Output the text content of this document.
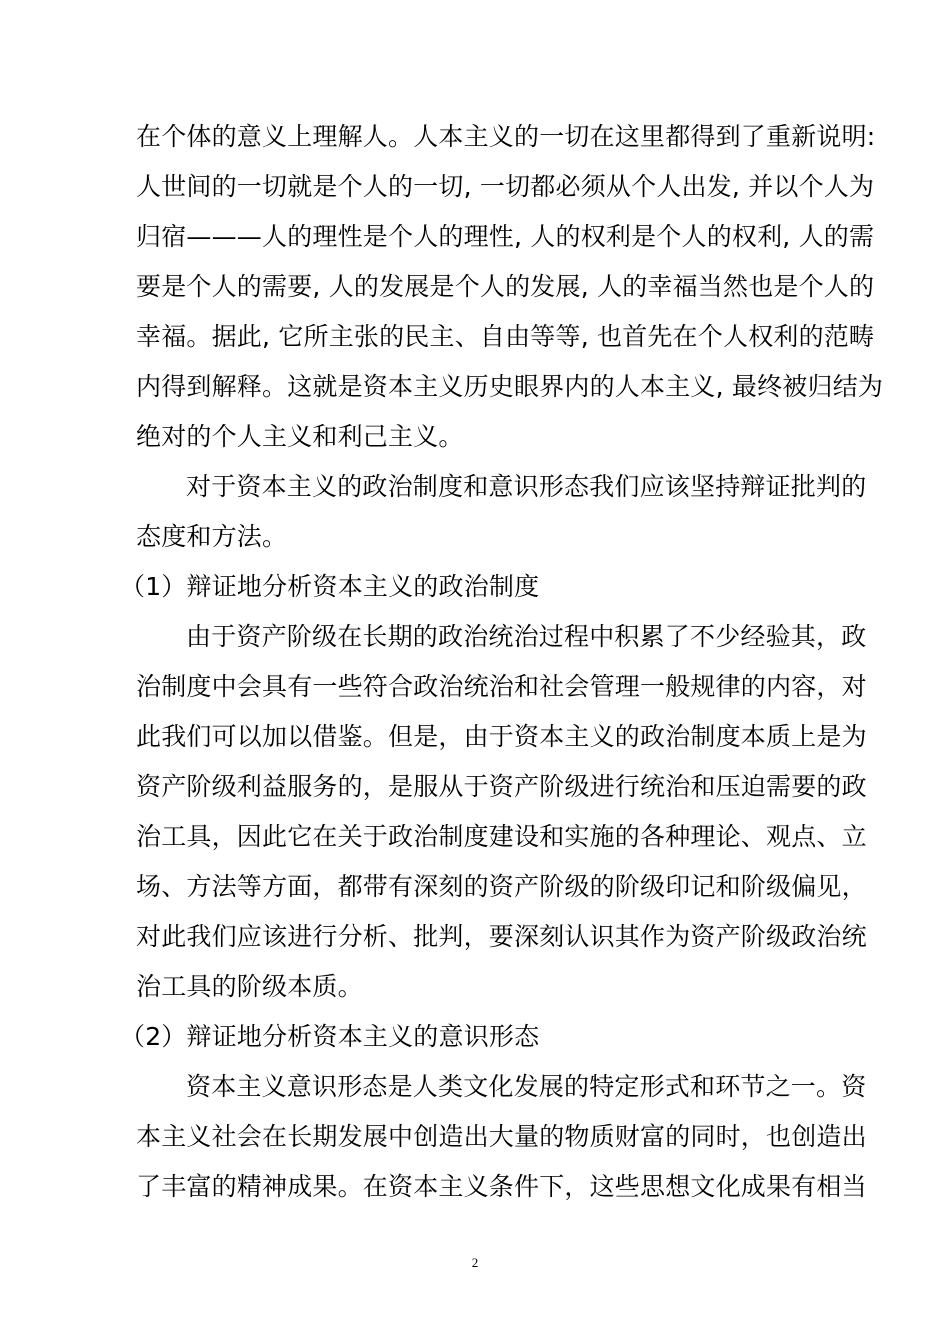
在个体的意义上理解人。人本主义的一切在这里都得到了重新说明:
人世间的一切就是个人的一切, 一切都必须从个人出发, 并以个人为
归宿———人的理性是个人的理性, 人的权利是个人的权利, 人的需
要是个人的需要, 人的发展是个人的发展, 人的幸福当然也是个人的
幸福。据此, 它所主张的民主、自由等等, 也首先在个人权利的范畴
内得到解释。这就是资本主义历史眼界内的人本主义, 最终被归结为
绝对的个人主义和利己主义。
对于资本主义的政治制度和意识形态我们应该坚持辩证批判的
态度和方法。
（1）辩证地分析资本主义的政治制度
由于资产阶级在长期的政治统治过程中积累了不少经验其，政
治制度中会具有一些符合政治统治和社会管理一般规律的内容，对
此我们可以加以借鉴。但是，由于资本主义的政治制度本质上是为
资产阶级利益服务的，是服从于资产阶级进行统治和压迫需要的政
治工具，因此它在关于政治制度建设和实施的各种理论、观点、立
场、方法等方面，都带有深刻的资产阶级的阶级印记和阶级偏见，
对此我们应该进行分析、批判，要深刻认识其作为资产阶级政治统
治工具的阶级本质。
（2）辩证地分析资本主义的意识形态
资本主义意识形态是人类文化发展的特定形式和环节之一。资
本主义社会在长期发展中创造出大量的物质财富的同时，也创造出
了丰富的精神成果。在资本主义条件下，这些思想文化成果有相当
2
